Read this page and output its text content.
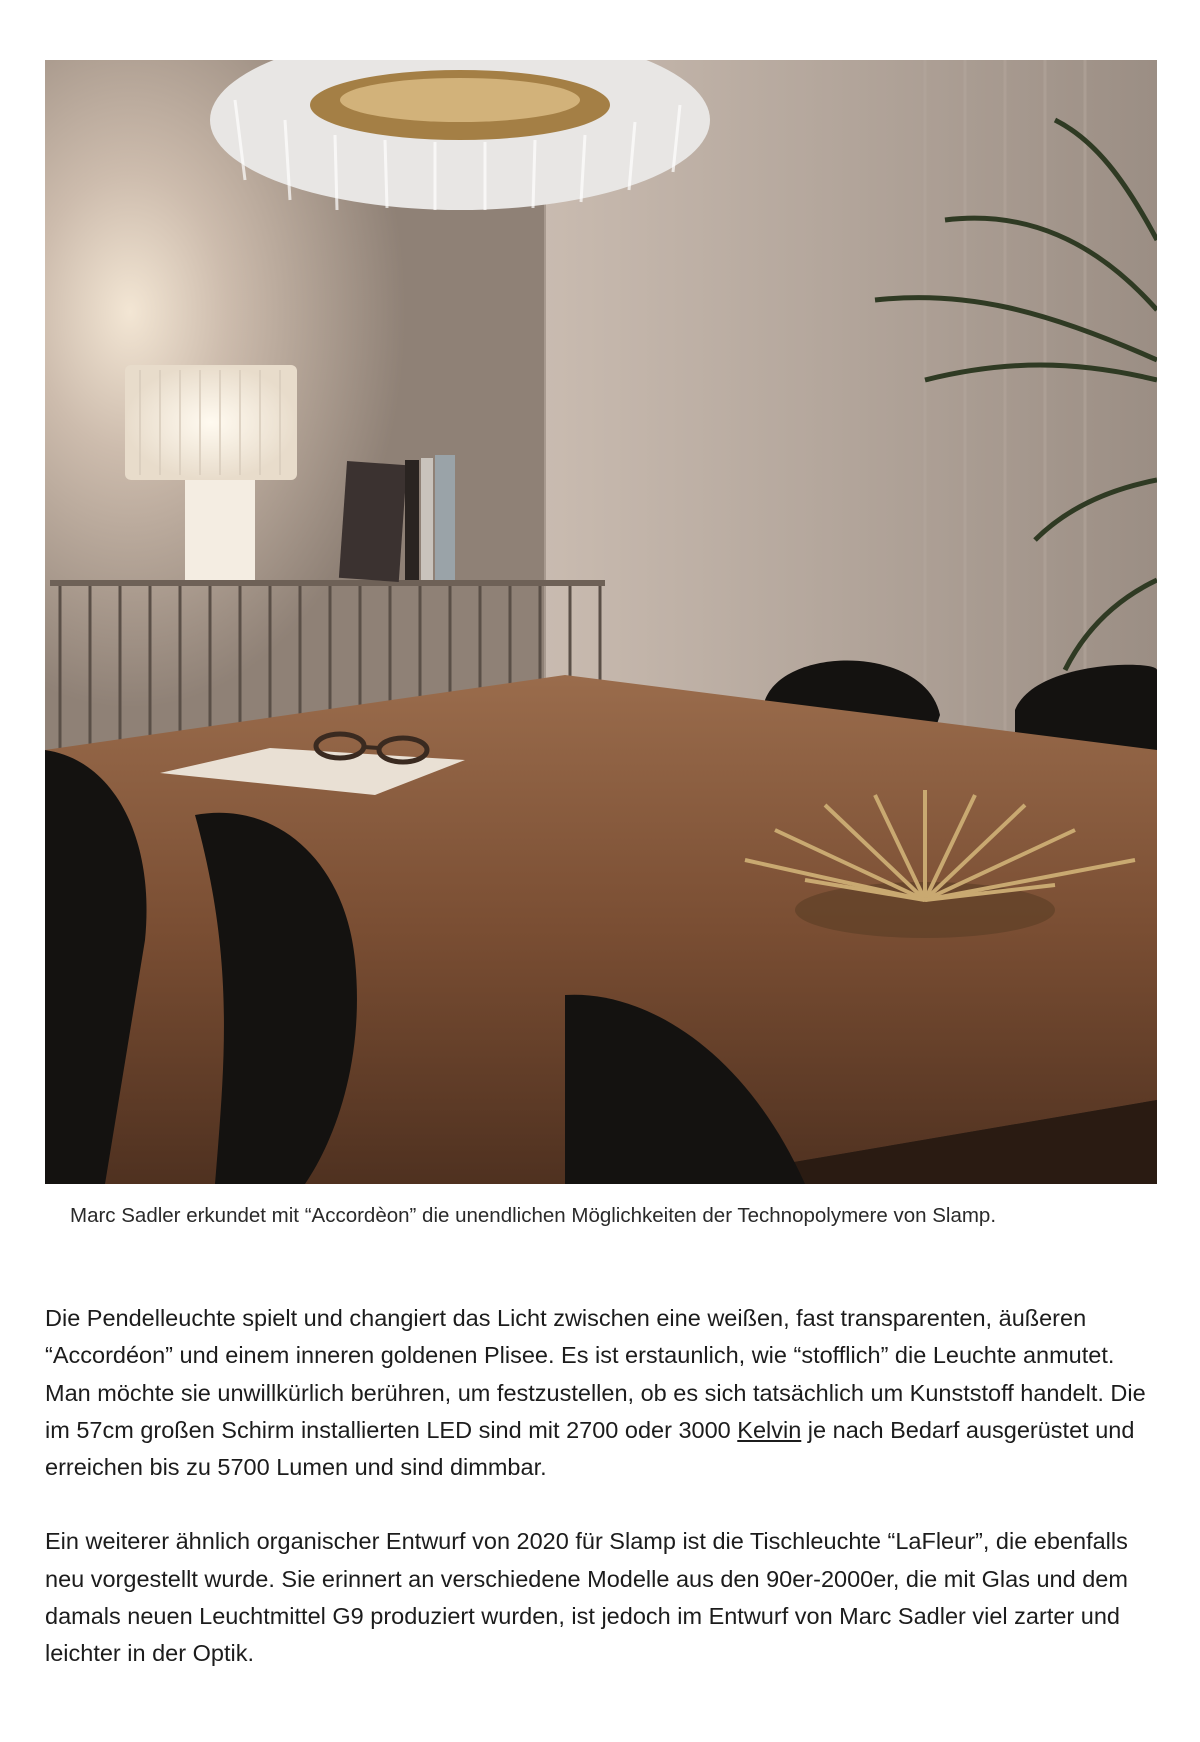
Marc Sadler erkundet mit “Accordèon” die unendlichen Möglichkeiten der Technopolymere von Slamp.

Die Pendelleuchte spielt und changiert das Licht zwischen eine weißen, fast transparenten, äußeren “Accordéon” und einem inneren goldenen Plisee. Es ist erstaunlich, wie “stofflich” die Leuchte anmutet. Man möchte sie unwillkürlich berühren, um festzustellen, ob es sich tatsächlich um Kunststoff handelt. Die im 57cm großen Schirm installierten LED sind mit 2700 oder 3000 Kelvin je nach Bedarf ausgerüstet und erreichen bis zu 5700 Lumen und sind dimmbar.

Ein weiterer ähnlich organischer Entwurf von 2020 für Slamp ist die Tischleuchte “LaFleur”, die ebenfalls neu vorgestellt wurde. Sie erinnert an verschiedene Modelle aus den 90er-2000er, die mit Glas und dem damals neuen Leuchtmittel G9 produziert wurden, ist jedoch im Entwurf von Marc Sadler viel zarter und leichter in der Optik.
